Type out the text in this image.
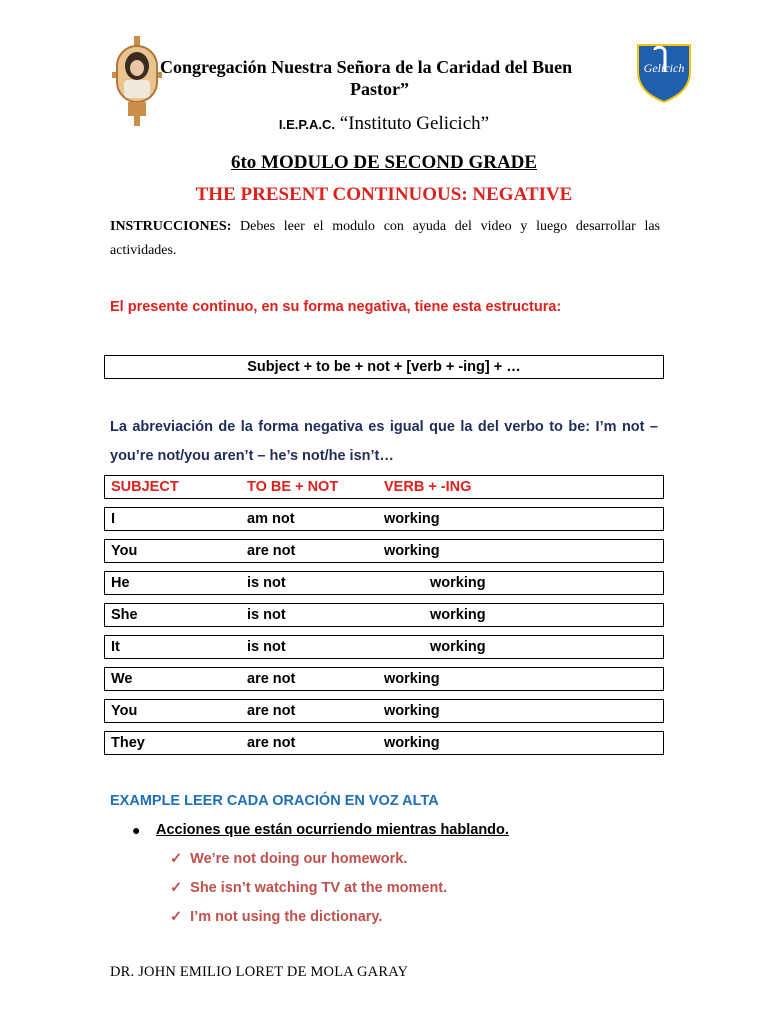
Gelicich
Congregación Nuestra Señora de la Caridad del Buen
Pastor”
I.E.P.A.C. “Instituto Gelicich”
6to MODULO DE SECOND GRADE
THE PRESENT CONTINUOUS: NEGATIVE
INSTRUCCIONES: Debes leer el modulo con ayuda del video y luego desarrollar las actividades.
El presente continuo, en su forma negativa, tiene esta estructura:
Subject + to be + not + [verb + -ing] + …
La abreviación de la forma negativa es igual que la del verbo to be: I’m not – you’re not/you aren’t – he’s not/he isn’t…
SUBJECT	TO BE + NOT	VERB + -ING
I	am not	working
You	are not	working
He	is not	working
She	is not	working
It	is not	working
We	are not	working
You	are not	working
They	are not	working
EXAMPLE LEER CADA ORACIÓN EN VOZ ALTA
● Acciones que están ocurriendo mientras hablando.
✓ We’re not doing our homework.
✓ She isn’t watching TV at the moment.
✓ I’m not using the dictionary.
DR. JOHN EMILIO LORET DE MOLA GARAY
